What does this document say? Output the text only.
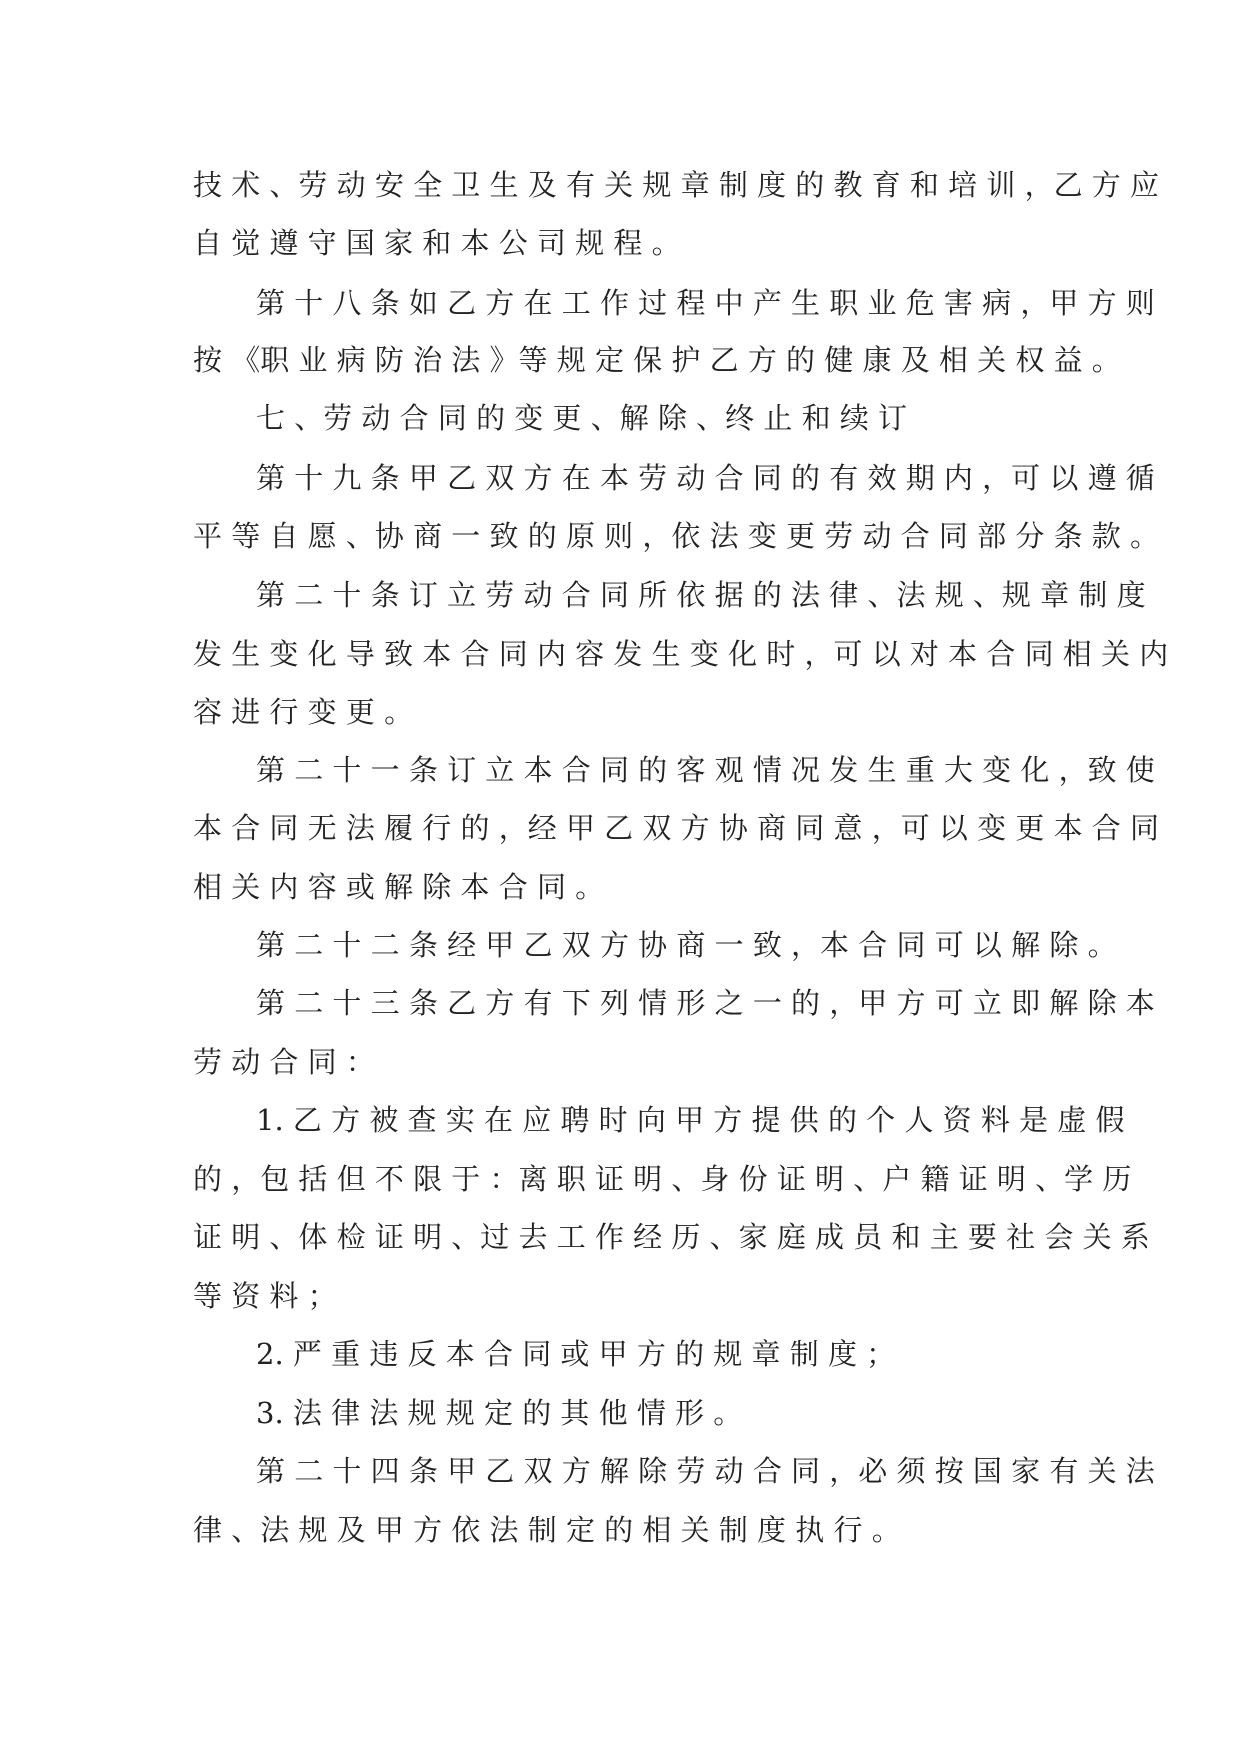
技 术 、劳 动 安 全 卫 生 及 有 关 规 章 制 度 的 教 育 和 培 训 ，乙 方 应
自 觉 遵 守 国 家 和 本 公 司 规 程 。
第 十 八 条 如 乙 方 在 工 作 过 程 中 产 生 职 业 危 害 病 ，甲 方 则
按 《职 业 病 防 治 法 》等 规 定 保 护 乙 方 的 健 康 及 相 关 权 益 。
七 、劳 动 合 同 的 变 更 、解 除 、终 止 和 续 订
第 十 九 条 甲 乙 双 方 在 本 劳 动 合 同 的 有 效 期 内 ，可 以 遵 循
平 等 自 愿 、协 商 一 致 的 原 则 ，依 法 变 更 劳 动 合 同 部 分 条 款 。
第 二 十 条 订 立 劳 动 合 同 所 依 据 的 法 律 、法 规 、规 章 制 度
发 生 变 化 导 致 本 合 同 内 容 发 生 变 化 时 ，可 以 对 本 合 同 相 关 内
容 进 行 变 更 。
第 二 十 一 条 订 立 本 合 同 的 客 观 情 况 发 生 重 大 变 化 ，致 使
本 合 同 无 法 履 行 的 ，经 甲 乙 双 方 协 商 同 意 ，可 以 变 更 本 合 同
相 关 内 容 或 解 除 本 合 同 。
第 二 十 二 条 经 甲 乙 双 方 协 商 一 致 ，本 合 同 可 以 解 除 。
第 二 十 三 条 乙 方 有 下 列 情 形 之 一 的 ，甲 方 可 立 即 解 除 本
劳 动 合 同 ：
1. 乙 方 被 查 实 在 应 聘 时 向 甲 方 提 供 的 个 人 资 料 是 虚 假
的 ，包 括 但 不 限 于 ：离 职 证 明 、身 份 证 明 、户 籍 证 明 、学 历
证 明 、体 检 证 明 、过 去 工 作 经 历 、家 庭 成 员 和 主 要 社 会 关 系
等 资 料 ；
2. 严 重 违 反 本 合 同 或 甲 方 的 规 章 制 度 ；
3. 法 律 法 规 规 定 的 其 他 情 形 。
第 二 十 四 条 甲 乙 双 方 解 除 劳 动 合 同 ，必 须 按 国 家 有 关 法
律 、法 规 及 甲 方 依 法 制 定 的 相 关 制 度 执 行 。
